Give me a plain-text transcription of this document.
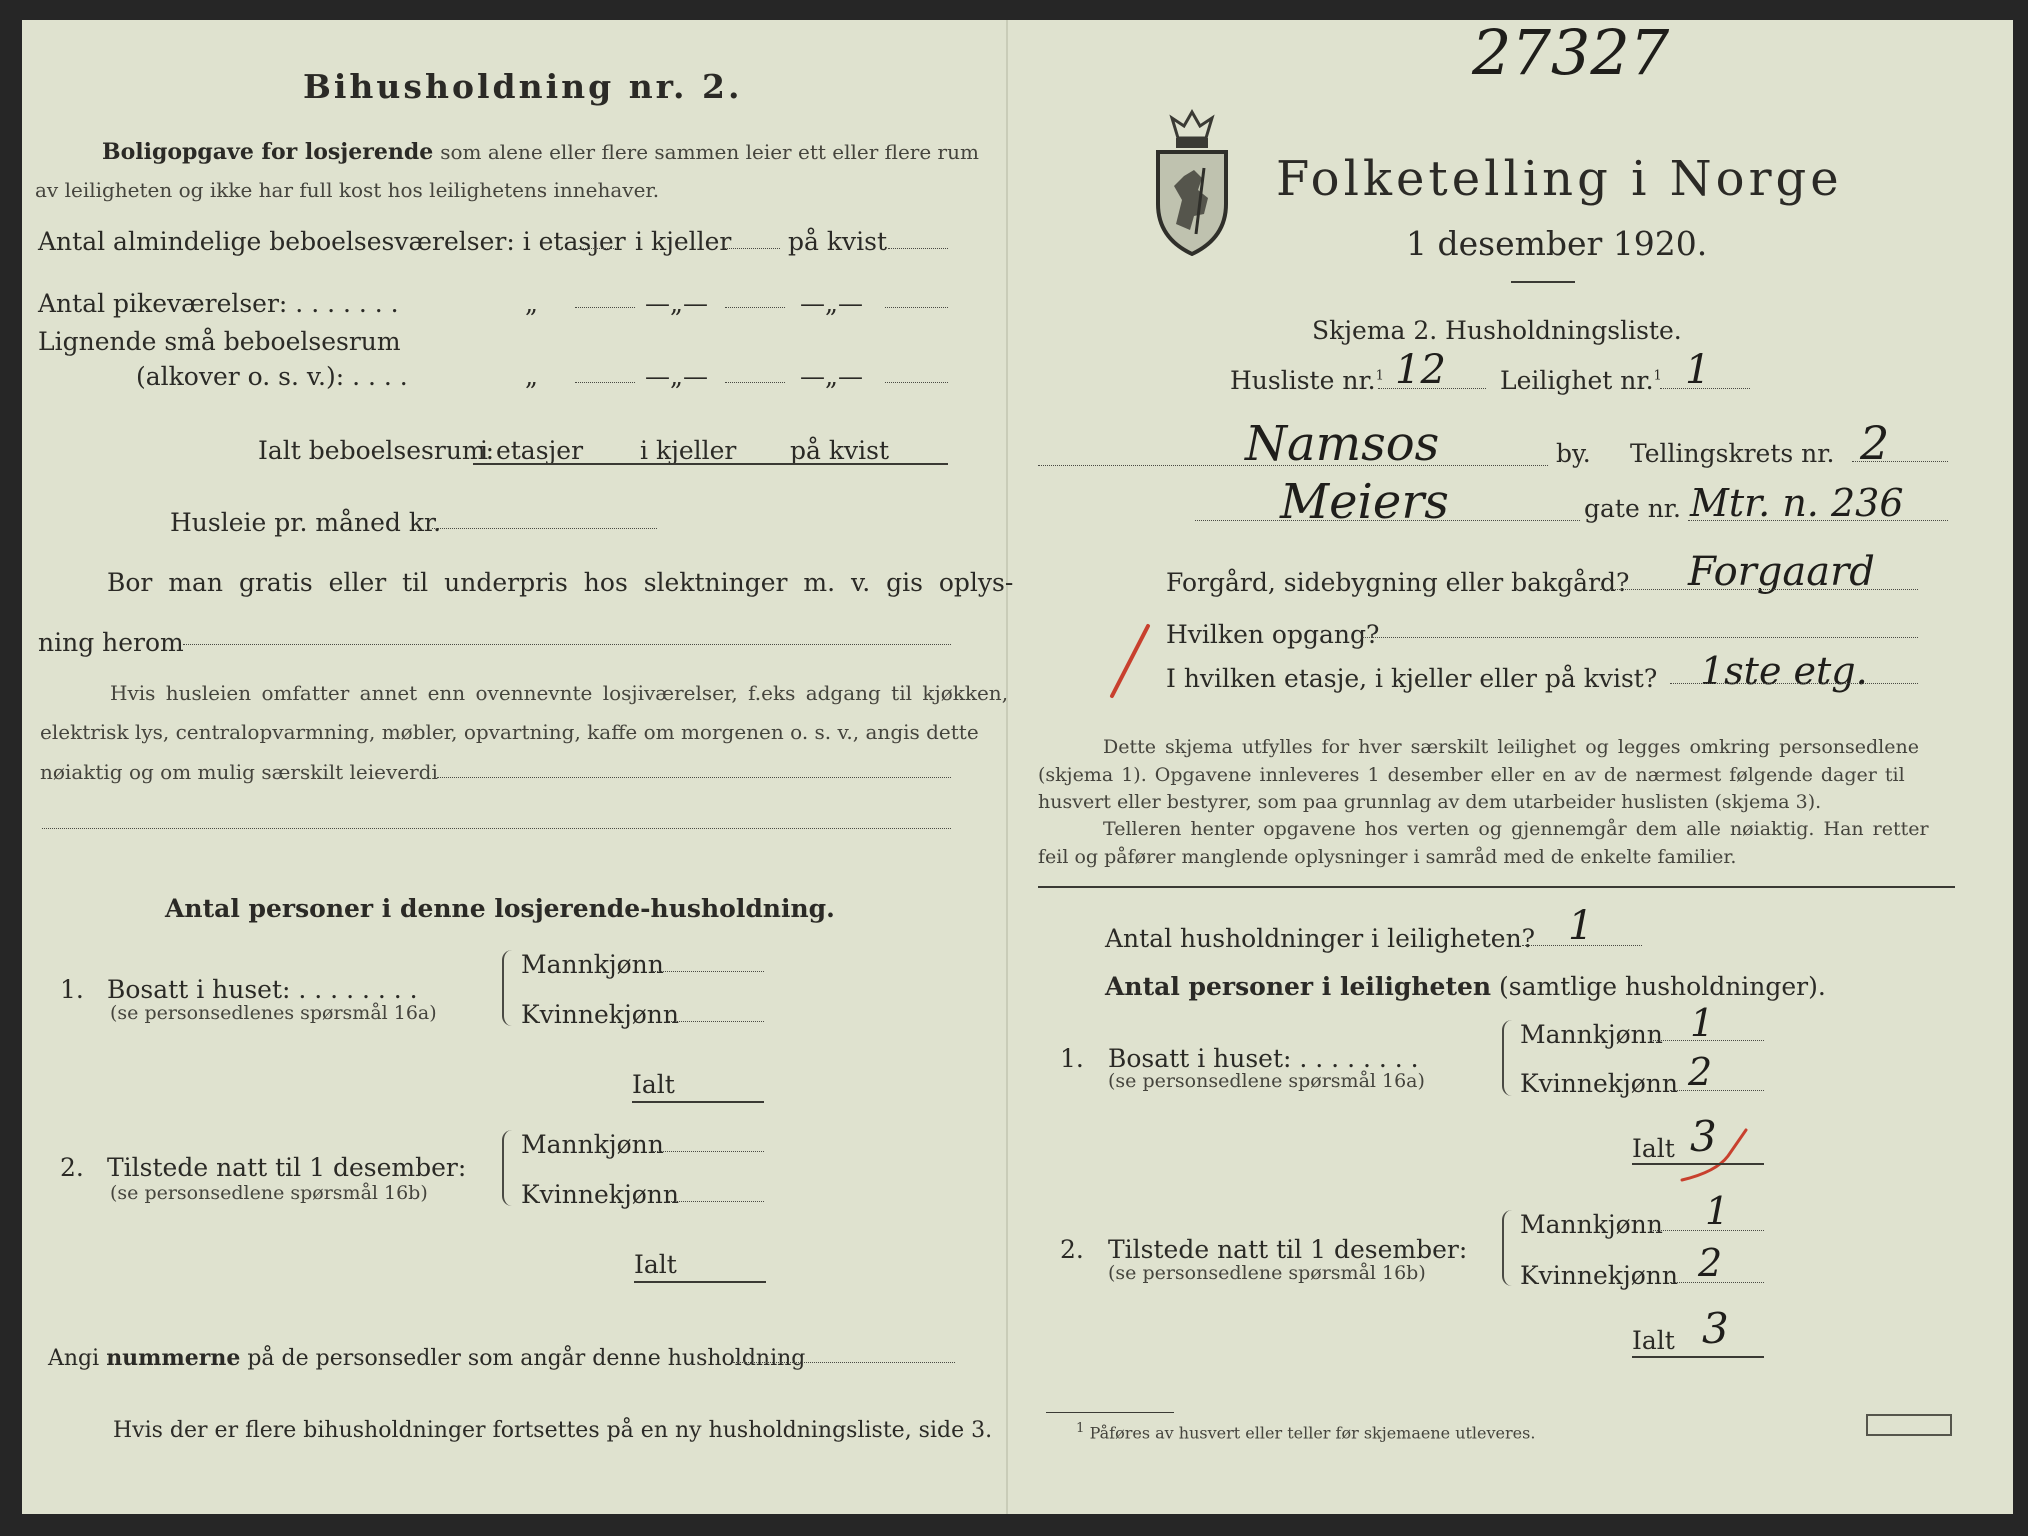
Bihusholdning nr. 2.
Boligopgave for losjerende som alene eller flere sammen leier ett eller flere rum
av leiligheten og ikke har full kost hos leilighetens innehaver.
Antal almindelige beboelsesværelser: i etasjer i kjeller på kvist
Antal pikeværelser: . . . . . . .	„	—„—	—„—
Lignende små beboelsesrum
(alkover o. s. v.): . . . .	„	—„—	—„—
Ialt beboelsesrum:
i etasjer i kjeller på kvist
Husleie pr. måned kr.
Bor man gratis eller til underpris hos slektninger m. v. gis oplys-
ning herom
Hvis husleien omfatter annet enn ovennevnte losjiværelser, f.eks adgang til kjøkken,
elektrisk lys, centralopvarmning, møbler, opvartning, kaffe om morgenen o. s. v., angis dette
nøiaktig og om mulig særskilt leieverdi
Antal personer i denne losjerende-husholdning.
1. Bosatt i huset: . . . . . . . .
(se personsedlenes spørsmål 16a)
Mannkjønn
Kvinnekjønn
Ialt
2. Tilstede natt til 1 desember:
(se personsedlene spørsmål 16b)
Mannkjønn
Kvinnekjønn
Ialt
Angi nummerne på de personsedler som angår denne husholdning
Hvis der er flere bihusholdninger fortsettes på en ny husholdningsliste, side 3.
27327
Folketelling i Norge
1 desember 1920.
Skjema 2. Husholdningsliste.
Husliste nr.$^1$ 12 Leilighet nr.$^1$ 1
Namsos	by. Tellingskrets nr. 2
Meiers	gate nr. Mtr. n. 236
Forgård, sidebygning eller bakgård? Forgaard
Hvilken opgang?
I hvilken etasje, i kjeller eller på kvist? 1ste etg.
Dette skjema utfylles for hver særskilt leilighet og legges omkring personsedlene
(skjema 1). Opgavene innleveres 1 desember eller en av de nærmest følgende dager til
husvert eller bestyrer, som paa grunnlag av dem utarbeider huslisten (skjema 3).
Telleren henter opgavene hos verten og gjennemgår dem alle nøiaktig. Han retter
feil og påfører manglende oplysninger i samråd med de enkelte familier.
Antal husholdninger i leiligheten? 1
Antal personer i leiligheten (samtlige husholdninger).
1. Bosatt i huset: . . . . . . . .
(se personsedlene spørsmål 16a)
Mannkjønn 1
Kvinnekjønn 2
Ialt 3
2. Tilstede natt til 1 desember:
(se personsedlene spørsmål 16b)
Mannkjønn 1
Kvinnekjønn 2
Ialt 3
$^1$ Påføres av husvert eller teller før skjemaene utleveres.
